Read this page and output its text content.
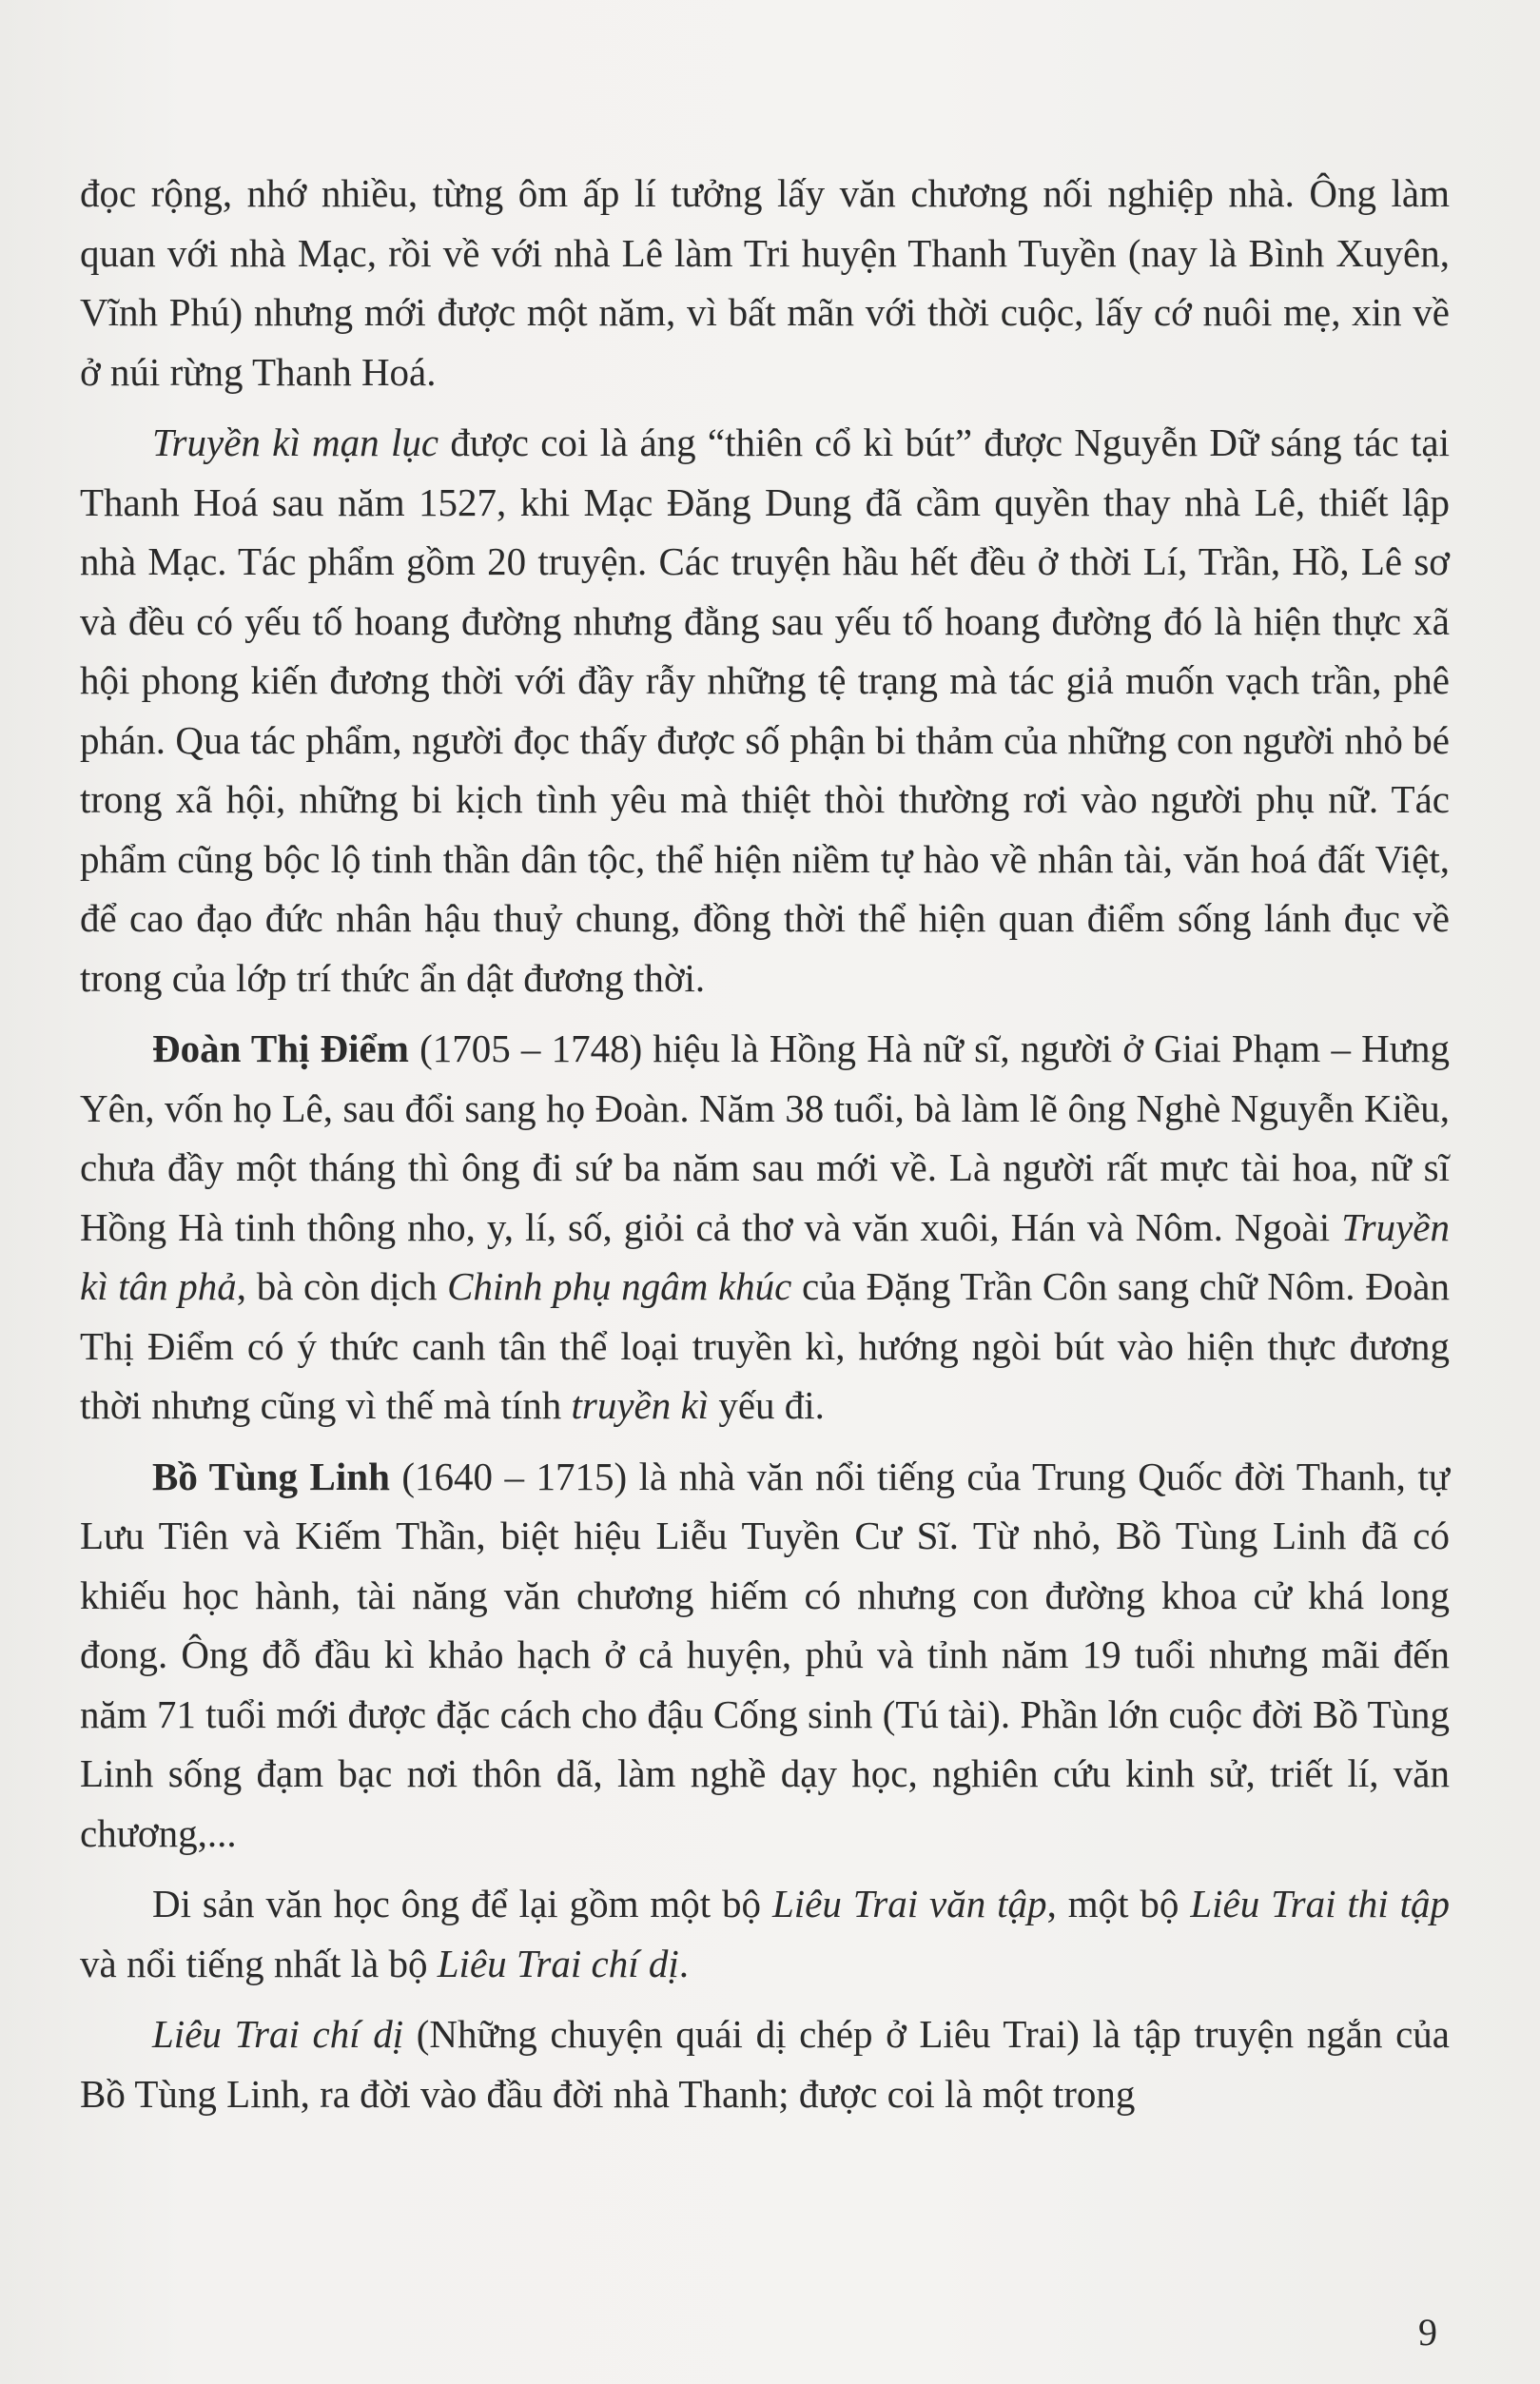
đọc rộng, nhớ nhiều, từng ôm ấp lí tưởng lấy văn chương nối nghiệp nhà. Ông làm quan với nhà Mạc, rồi về với nhà Lê làm Tri huyện Thanh Tuyền (nay là Bình Xuyên, Vĩnh Phú) nhưng mới được một năm, vì bất mãn với thời cuộc, lấy cớ nuôi mẹ, xin về ở núi rừng Thanh Hoá.

Truyền kì mạn lục được coi là áng “thiên cổ kì bút” được Nguyễn Dữ sáng tác tại Thanh Hoá sau năm 1527, khi Mạc Đăng Dung đã cầm quyền thay nhà Lê, thiết lập nhà Mạc. Tác phẩm gồm 20 truyện. Các truyện hầu hết đều ở thời Lí, Trần, Hồ, Lê sơ và đều có yếu tố hoang đường nhưng đằng sau yếu tố hoang đường đó là hiện thực xã hội phong kiến đương thời với đầy rẫy những tệ trạng mà tác giả muốn vạch trần, phê phán. Qua tác phẩm, người đọc thấy được số phận bi thảm của những con người nhỏ bé trong xã hội, những bi kịch tình yêu mà thiệt thòi thường rơi vào người phụ nữ. Tác phẩm cũng bộc lộ tinh thần dân tộc, thể hiện niềm tự hào về nhân tài, văn hoá đất Việt, để cao đạo đức nhân hậu thuỷ chung, đồng thời thể hiện quan điểm sống lánh đục về trong của lớp trí thức ẩn dật đương thời.

Đoàn Thị Điểm (1705 – 1748) hiệu là Hồng Hà nữ sĩ, người ở Giai Phạm – Hưng Yên, vốn họ Lê, sau đổi sang họ Đoàn. Năm 38 tuổi, bà làm lẽ ông Nghè Nguyễn Kiều, chưa đầy một tháng thì ông đi sứ ba năm sau mới về. Là người rất mực tài hoa, nữ sĩ Hồng Hà tinh thông nho, y, lí, số, giỏi cả thơ và văn xuôi, Hán và Nôm. Ngoài Truyền kì tân phả, bà còn dịch Chinh phụ ngâm khúc của Đặng Trần Côn sang chữ Nôm. Đoàn Thị Điểm có ý thức canh tân thể loại truyền kì, hướng ngòi bút vào hiện thực đương thời nhưng cũng vì thế mà tính truyền kì yếu đi.

Bồ Tùng Linh (1640 – 1715) là nhà văn nổi tiếng của Trung Quốc đời Thanh, tự Lưu Tiên và Kiếm Thần, biệt hiệu Liễu Tuyền Cư Sĩ. Từ nhỏ, Bồ Tùng Linh đã có khiếu học hành, tài năng văn chương hiếm có nhưng con đường khoa cử khá long đong. Ông đỗ đầu kì khảo hạch ở cả huyện, phủ và tỉnh năm 19 tuổi nhưng mãi đến năm 71 tuổi mới được đặc cách cho đậu Cống sinh (Tú tài). Phần lớn cuộc đời Bồ Tùng Linh sống đạm bạc nơi thôn dã, làm nghề dạy học, nghiên cứu kinh sử, triết lí, văn chương,...

Di sản văn học ông để lại gồm một bộ Liêu Trai văn tập, một bộ Liêu Trai thi tập và nổi tiếng nhất là bộ Liêu Trai chí dị.

Liêu Trai chí dị (Những chuyện quái dị chép ở Liêu Trai) là tập truyện ngắn của Bồ Tùng Linh, ra đời vào đầu đời nhà Thanh; được coi là một trong

9
